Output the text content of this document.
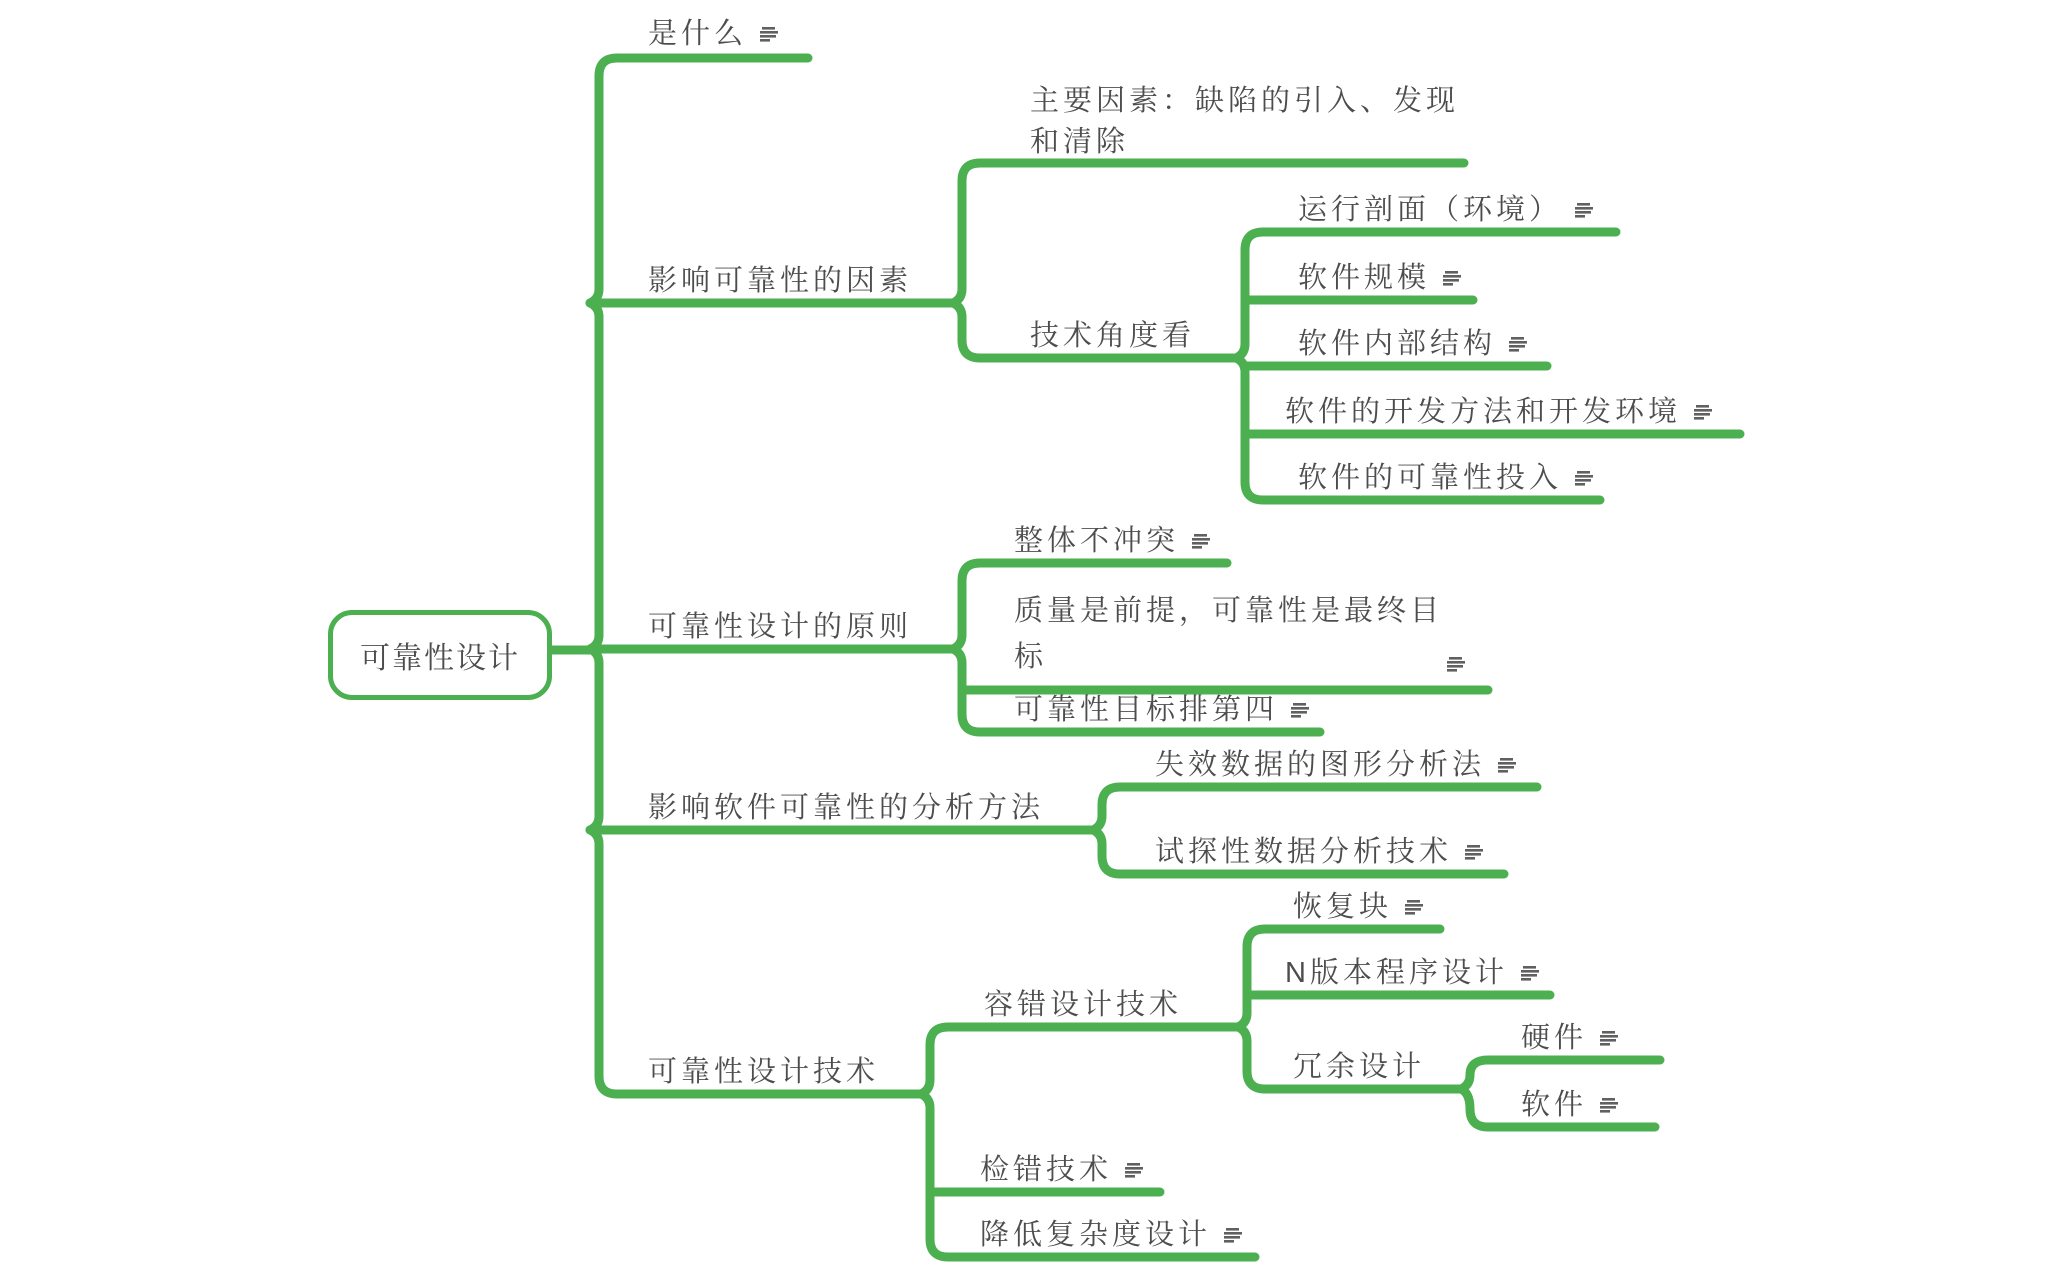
可靠性设计
是什么
影响可靠性的因素
主要因素：缺陷的引入、发现和清除
技术角度看
运行剖面（环境）
软件规模
软件内部结构
软件的开发方法和开发环境
软件的可靠性投入
可靠性设计的原则
整体不冲突
质量是前提，可靠性是最终目标
可靠性目标排第四
影响软件可靠性的分析方法
失效数据的图形分析法
试探性数据分析技术
可靠性设计技术
容错设计技术
恢复块
N版本程序设计
冗余设计
硬件
软件
检错技术
降低复杂度设计
